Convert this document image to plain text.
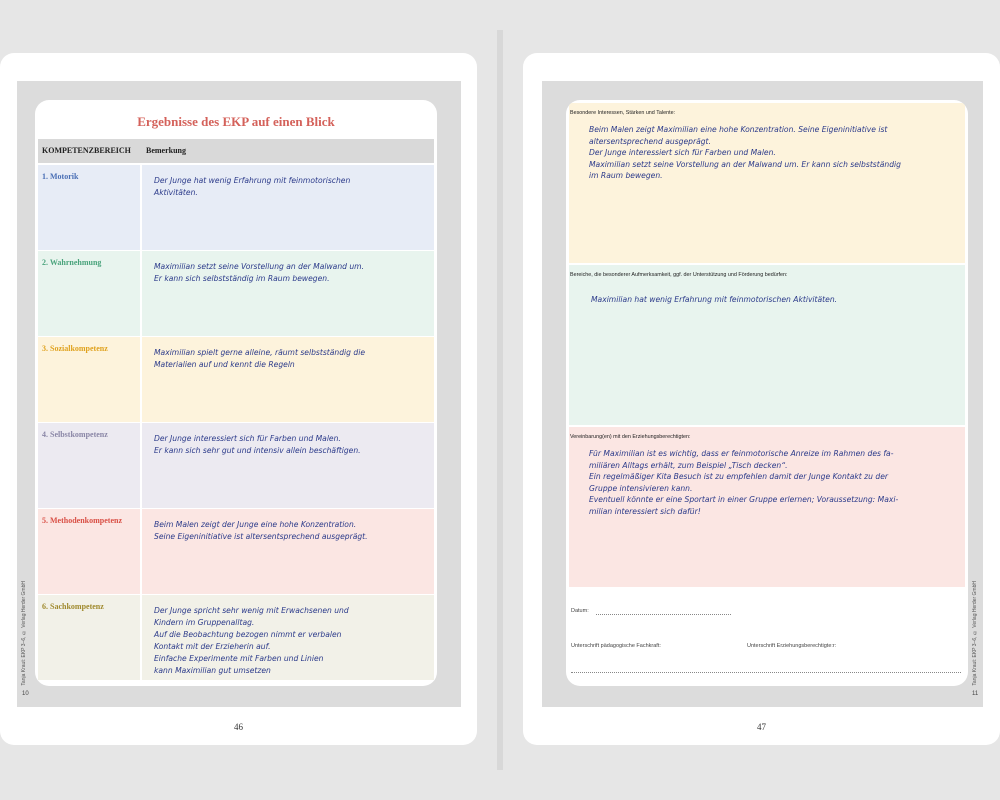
Ergebnisse des EKP auf einen Blick
KOMPETENZBEREICH	Bemerkung
1. Motorik	Der Junge hat wenig Erfahrung mit feinmotorischen
Aktivitäten.
2. Wahrnehmung	Maximilian setzt seine Vorstellung an der Malwand um.
Er kann sich selbstständig im Raum bewegen.
3. Sozialkompetenz	Maximilian spielt gerne alleine, räumt selbstständig die
Materialien auf und kennt die Regeln
4. Selbstkompetenz	Der Junge interessiert sich für Farben und Malen.
Er kann sich sehr gut und intensiv allein beschäftigen.
5. Methodenkompetenz	Beim Malen zeigt der Junge eine hohe Konzentration.
Seine Eigeninitiative ist altersentsprechend ausgeprägt.
6. Sachkompetenz	Der Junge spricht sehr wenig mit Erwachsenen und
Kindern im Gruppenalltag.
Auf die Beobachtung bezogen nimmt er verbalen
Kontakt mit der Erzieherin auf.
Einfache Experimente mit Farben und Linien
kann Maximilian gut umsetzen
Tanja Kraut: EKP 3–6, © Verlag Herder GmbH
10
46
Besondere Interessen, Stärken und Talente:
Beim Malen zeigt Maximilian eine hohe Konzentration. Seine Eigeninitiative ist
altersentsprechend ausgeprägt.
Der Junge interessiert sich für Farben und Malen.
Maximilian setzt seine Vorstellung an der Malwand um. Er kann sich selbstständig
im Raum bewegen.
Bereiche, die besonderer Aufmerksamkeit, ggf. der Unterstützung und Förderung bedürfen:
Maximilian hat wenig Erfahrung mit feinmotorischen Aktivitäten.
Vereinbarung(en) mit den Erziehungsberechtigten:
Für Maximilian ist es wichtig, dass er feinmotorische Anreize im Rahmen des fa-
miliären Alltags erhält, zum Beispiel „Tisch decken“.
Ein regelmäßiger Kita Besuch ist zu empfehlen damit der Junge Kontakt zu der
Gruppe intensivieren kann.
Eventuell könnte er eine Sportart in einer Gruppe erlernen; Voraussetzung: Maxi-
milian interessiert sich dafür!
Datum:
Unterschrift pädagogische Fachkraft:	Unterschrift Erziehungsberechtigte:r:	Tanja Kraut: EKP 3–6, © Verlag Herder GmbH
11
47
